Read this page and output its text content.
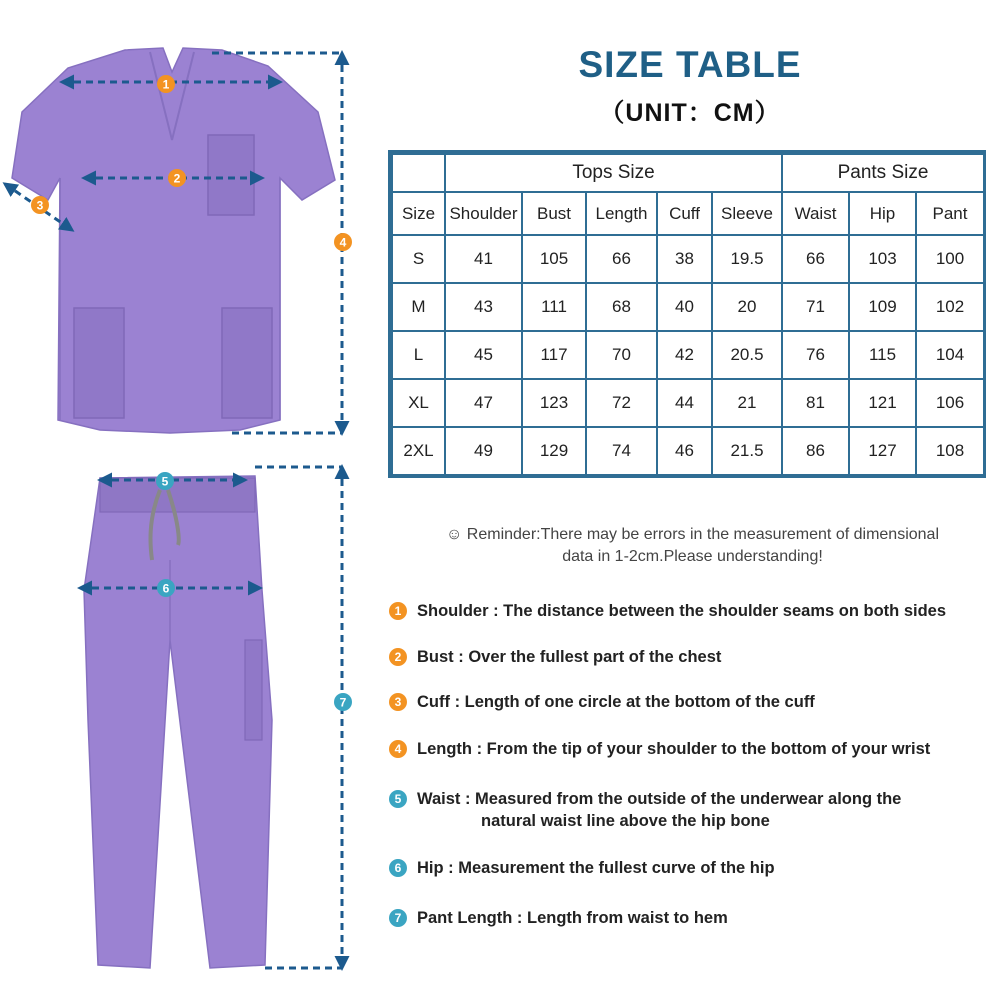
1
2
3
4
5
6
7
SIZE TABLE
（UNIT：CM）
	Tops Size					Pants Size		
Size	Shoulder	Bust	Length	Cuff	Sleeve	Waist	Hip	Pant
S	41	105	66	38	19.5	66	103	100
M	43	111	68	40	20	71	109	102
L	45	117	70	42	20.5	76	115	104
XL	47	123	72	44	21	81	121	106
2XL	49	129	74	46	21.5	86	127	108
☺ Reminder:There may be errors in the measurement of dimensional
data in 1-2cm.Please understanding!
1 Shoulder : The distance between the shoulder seams on both sides
2 Bust : Over the fullest part of the chest
3 Cuff : Length of one circle at the bottom of the cuff
4 Length : From the tip of your shoulder to the bottom of your wrist
5 Waist : Measured from the outside of the underwear along the
natural waist line above the hip bone
6 Hip : Measurement the fullest curve of the hip
7 Pant Length : Length from waist to hem
